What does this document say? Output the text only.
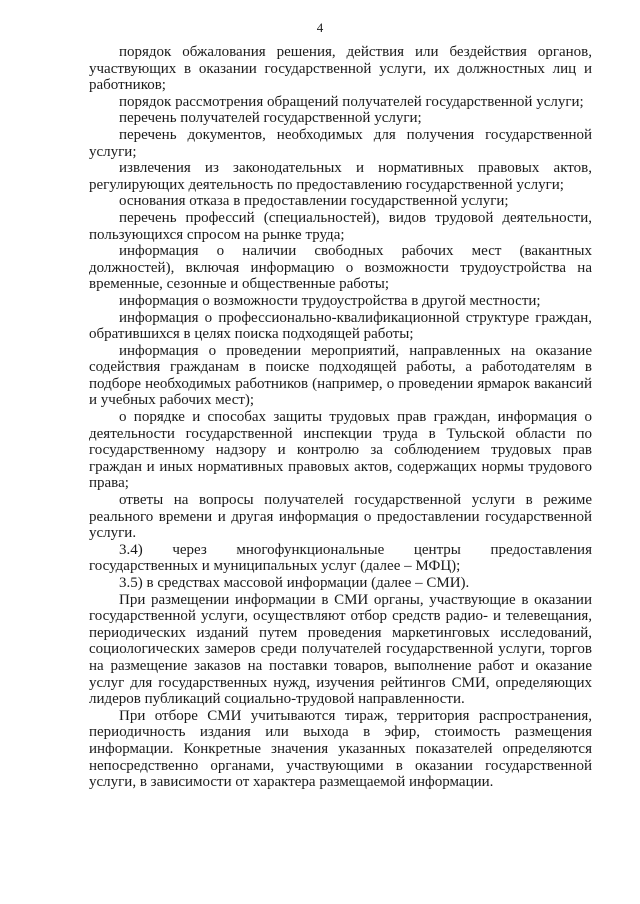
4

порядок обжалования решения, действия или бездействия органов, участвующих в оказании государственной услуги, их должностных лиц и работников;

порядок рассмотрения обращений получателей государственной услуги;

перечень получателей государственной услуги;

перечень документов, необходимых для получения государственной услуги;

извлечения из законодательных и нормативных правовых актов, регулирующих деятельность по предоставлению государственной услуги;

основания отказа в предоставлении государственной услуги;

перечень профессий (специальностей), видов трудовой деятельности, пользующихся спросом на рынке труда;

информация о наличии свободных рабочих мест (вакантных должностей), включая информацию о возможности трудоустройства на временные, сезонные и общественные работы;

информация о возможности трудоустройства в другой местности;

информация о профессионально-квалификационной структуре граждан, обратившихся в целях поиска подходящей работы;

информация о проведении мероприятий, направленных на оказание содействия гражданам в поиске подходящей работы, а работодателям в подборе необходимых работников (например, о проведении ярмарок вакансий и учебных рабочих мест);

о порядке и способах защиты трудовых прав граждан, информация о деятельности государственной инспекции труда в Тульской области по государственному надзору и контролю за соблюдением трудовых прав граждан и иных нормативных правовых актов, содержащих нормы трудового права;

ответы на вопросы получателей государственной услуги в режиме реального времени и другая информация о предоставлении государственной услуги.

3.4) через многофункциональные центры предоставления государственных и муниципальных услуг (далее – МФЦ);

3.5) в средствах массовой информации (далее – СМИ).

При размещении информации в СМИ органы, участвующие в оказании государственной услуги, осуществляют отбор средств радио- и телевещания, периодических изданий путем проведения маркетинговых исследований, социологических замеров среди получателей государственной услуги, торгов на размещение заказов на поставки товаров, выполнение работ и оказание услуг для государственных нужд, изучения рейтингов СМИ, определяющих лидеров публикаций социально-трудовой направленности.

При отборе СМИ учитываются тираж, территория распространения, периодичность издания или выхода в эфир, стоимость размещения информации. Конкретные значения указанных показателей определяются непосредственно органами, участвующими в оказании государственной услуги, в зависимости от характера размещаемой информации.
